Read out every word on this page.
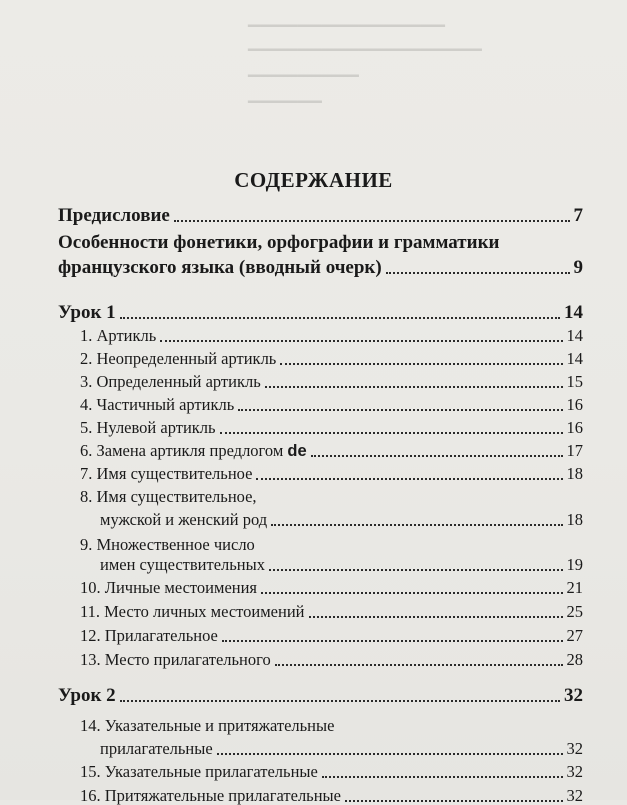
▁▁▁▁▁▁▁▁▁▁▁▁▁▁▁▁
▁▁▁▁▁▁▁▁▁▁▁▁▁▁▁▁▁▁▁
▁▁▁▁▁▁▁▁▁
▁▁▁▁▁▁
СОДЕРЖАНИЕ
Предисловие	7
Особенности фонетики, орфографии и грамматики
французского языка (вводный очерк)	9
Урок 1	14
1. Артикль	14
2. Неопределенный артикль	14
3. Определенный артикль	15
4. Частичный артикль	16
5. Нулевой артикль	16
6. Замена артикля предлогом de	17
7. Имя существительное	18
8. Имя существительное,
мужской и женский род	18
9. Множественное число
имен существительных	19
10. Личные местоимения	21
11. Место личных местоимений	25
12. Прилагательное	27
13. Место прилагательного	28
Урок 2	32
14. Указательные и притяжательные
прилагательные	32
15. Указательные прилагательные	32
16. Притяжательные прилагательные	32
